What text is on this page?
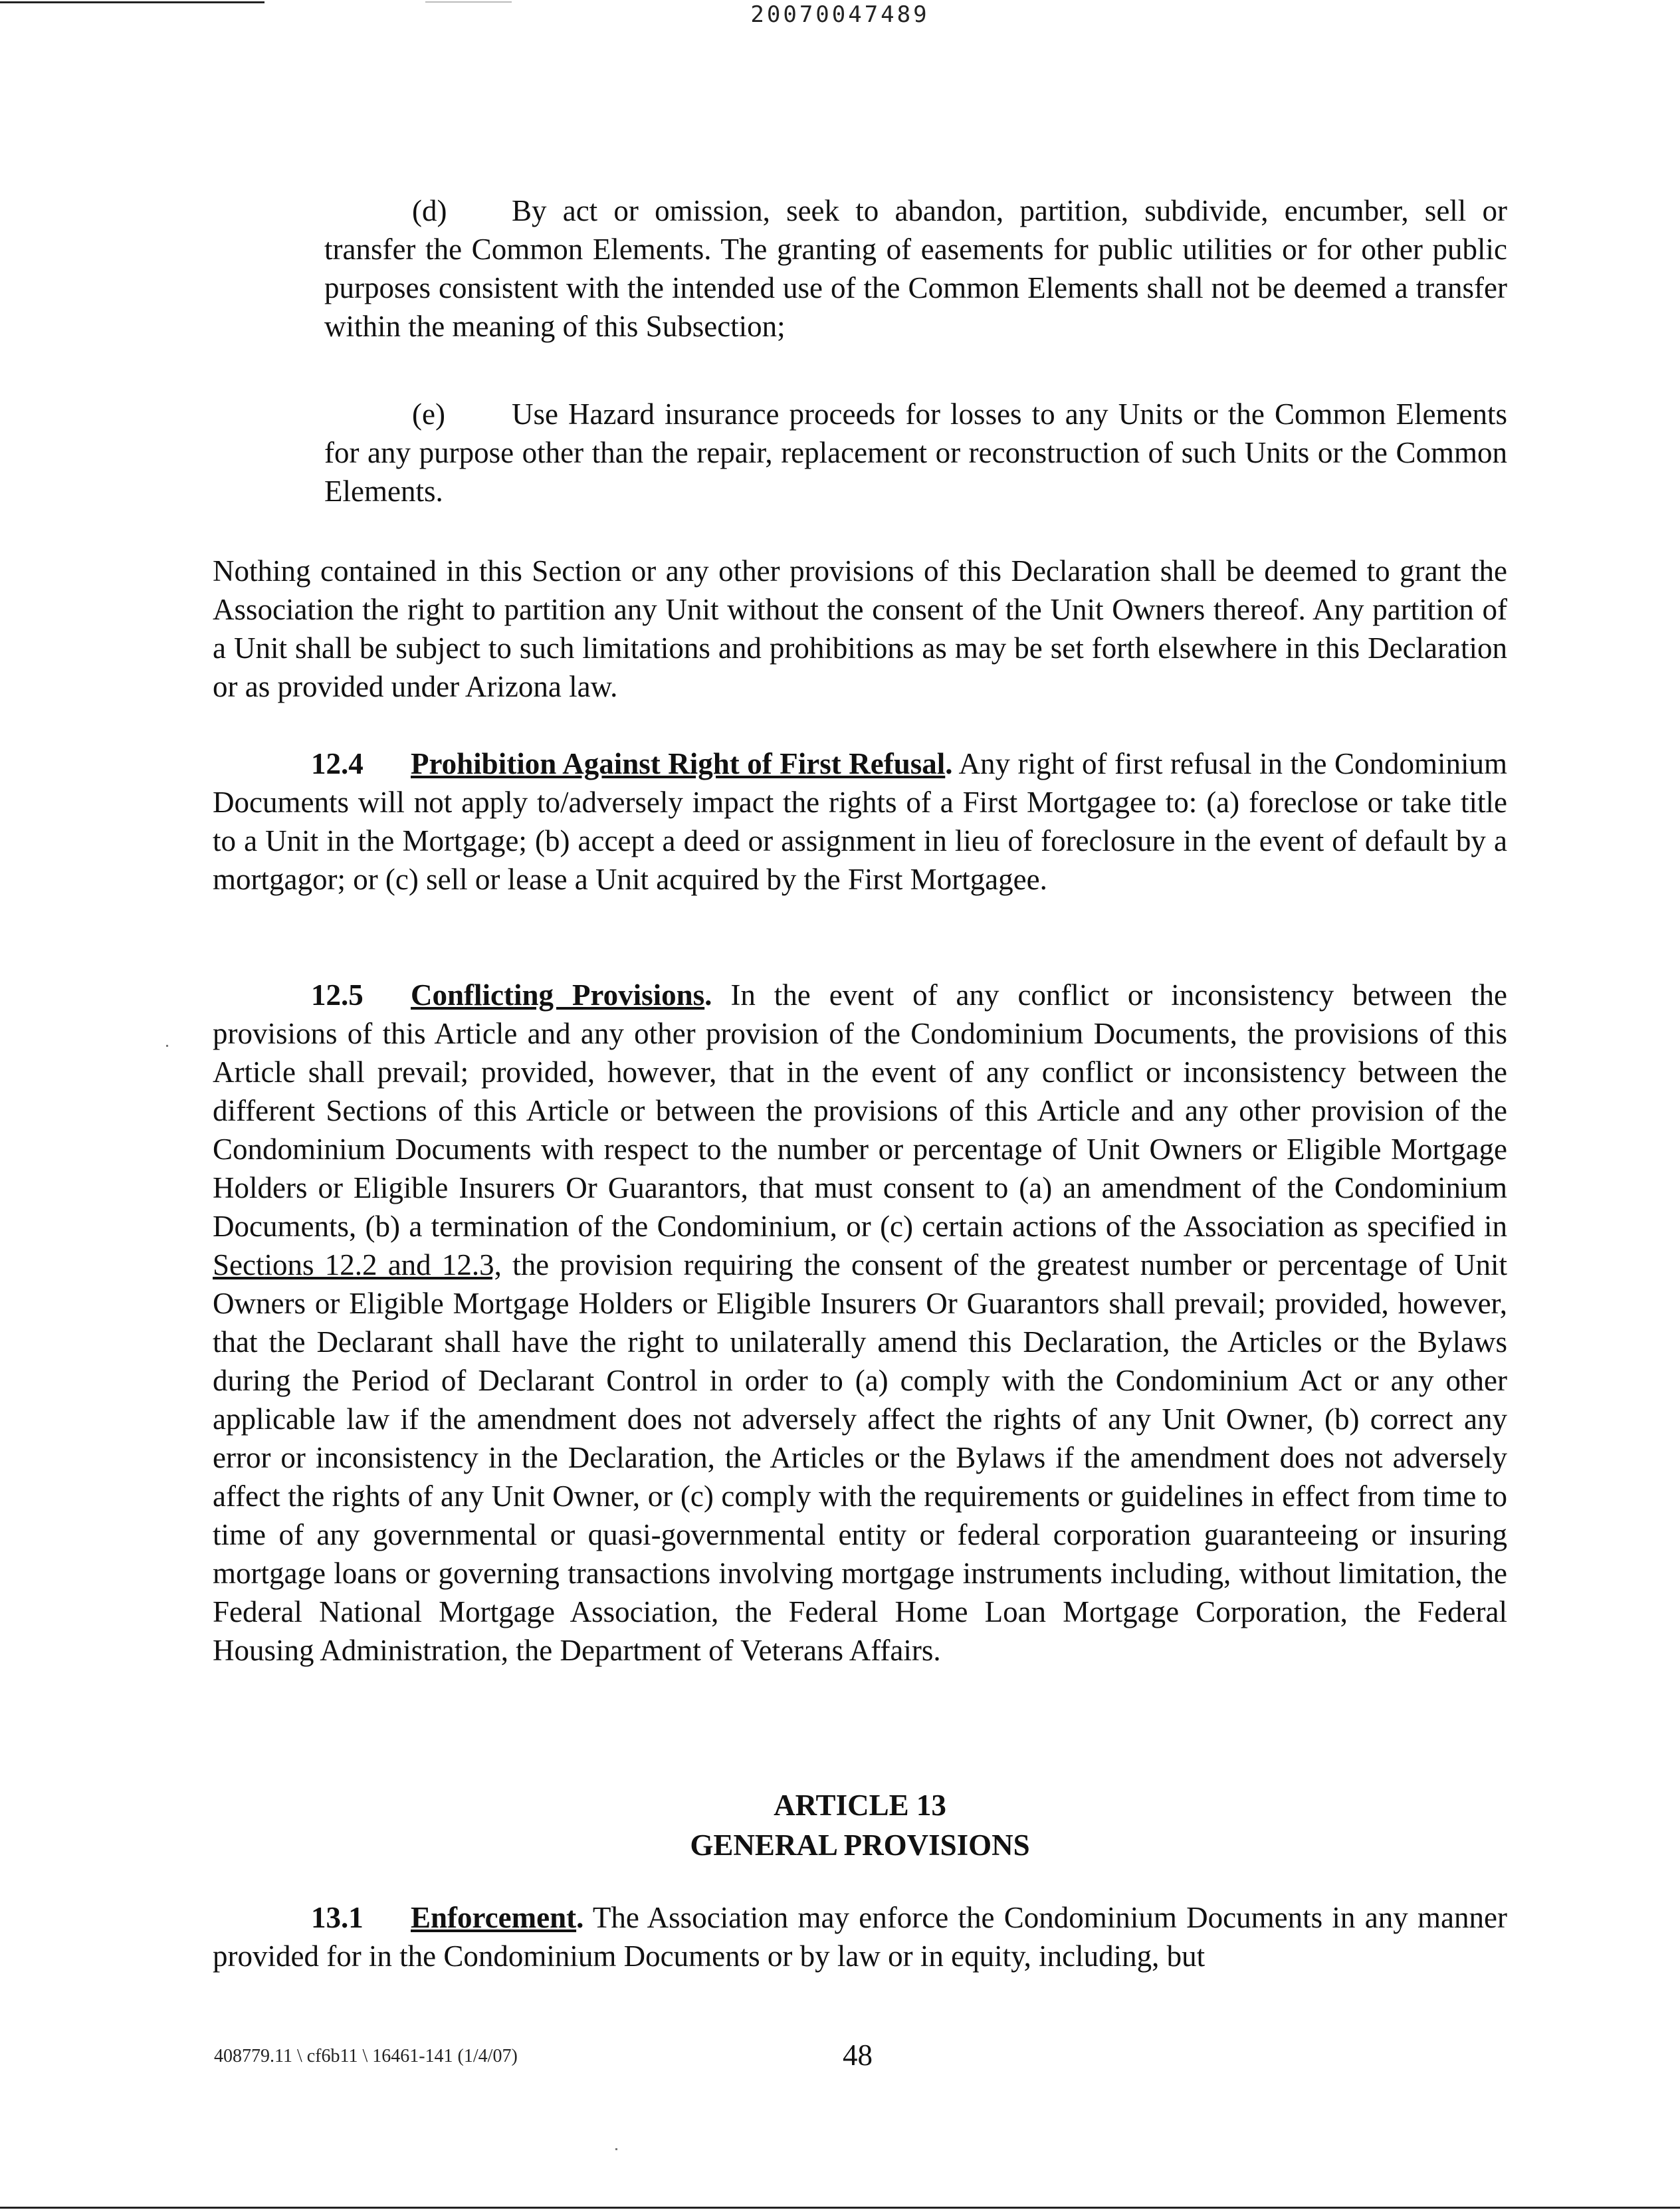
20070047489

(d) By act or omission, seek to abandon, partition, subdivide, encumber, sell or transfer the Common Elements. The granting of easements for public utilities or for other public purposes consistent with the intended use of the Common Elements shall not be deemed a transfer within the meaning of this Subsection;

(e) Use Hazard insurance proceeds for losses to any Units or the Common Elements for any purpose other than the repair, replacement or reconstruction of such Units or the Common Elements.

Nothing contained in this Section or any other provisions of this Declaration shall be deemed to grant the Association the right to partition any Unit without the consent of the Unit Owners thereof. Any partition of a Unit shall be subject to such limitations and prohibitions as may be set forth elsewhere in this Declaration or as provided under Arizona law.

12.4 Prohibition Against Right of First Refusal. Any right of first refusal in the Condominium Documents will not apply to/adversely impact the rights of a First Mortgagee to: (a) foreclose or take title to a Unit in the Mortgage; (b) accept a deed or assignment in lieu of foreclosure in the event of default by a mortgagor; or (c) sell or lease a Unit acquired by the First Mortgagee.

12.5 Conflicting Provisions. In the event of any conflict or inconsistency between the provisions of this Article and any other provision of the Condominium Documents, the provisions of this Article shall prevail; provided, however, that in the event of any conflict or inconsistency between the different Sections of this Article or between the provisions of this Article and any other provision of the Condominium Documents with respect to the number or percentage of Unit Owners or Eligible Mortgage Holders or Eligible Insurers Or Guarantors, that must consent to (a) an amendment of the Condominium Documents, (b) a termination of the Condominium, or (c) certain actions of the Association as specified in Sections 12.2 and 12.3, the provision requiring the consent of the greatest number or percentage of Unit Owners or Eligible Mortgage Holders or Eligible Insurers Or Guarantors shall prevail; provided, however, that the Declarant shall have the right to unilaterally amend this Declaration, the Articles or the Bylaws during the Period of Declarant Control in order to (a) comply with the Condominium Act or any other applicable law if the amendment does not adversely affect the rights of any Unit Owner, (b) correct any error or inconsistency in the Declaration, the Articles or the Bylaws if the amendment does not adversely affect the rights of any Unit Owner, or (c) comply with the requirements or guidelines in effect from time to time of any governmental or quasi-governmental entity or federal corporation guaranteeing or insuring mortgage loans or governing transactions involving mortgage instruments including, without limitation, the Federal National Mortgage Association, the Federal Home Loan Mortgage Corporation, the Federal Housing Administration, the Department of Veterans Affairs.

ARTICLE 13
GENERAL PROVISIONS

13.1 Enforcement. The Association may enforce the Condominium Documents in any manner provided for in the Condominium Documents or by law or in equity, including, but

408779.11 \ cf6b11 \ 16461-141 (1/4/07)	48
